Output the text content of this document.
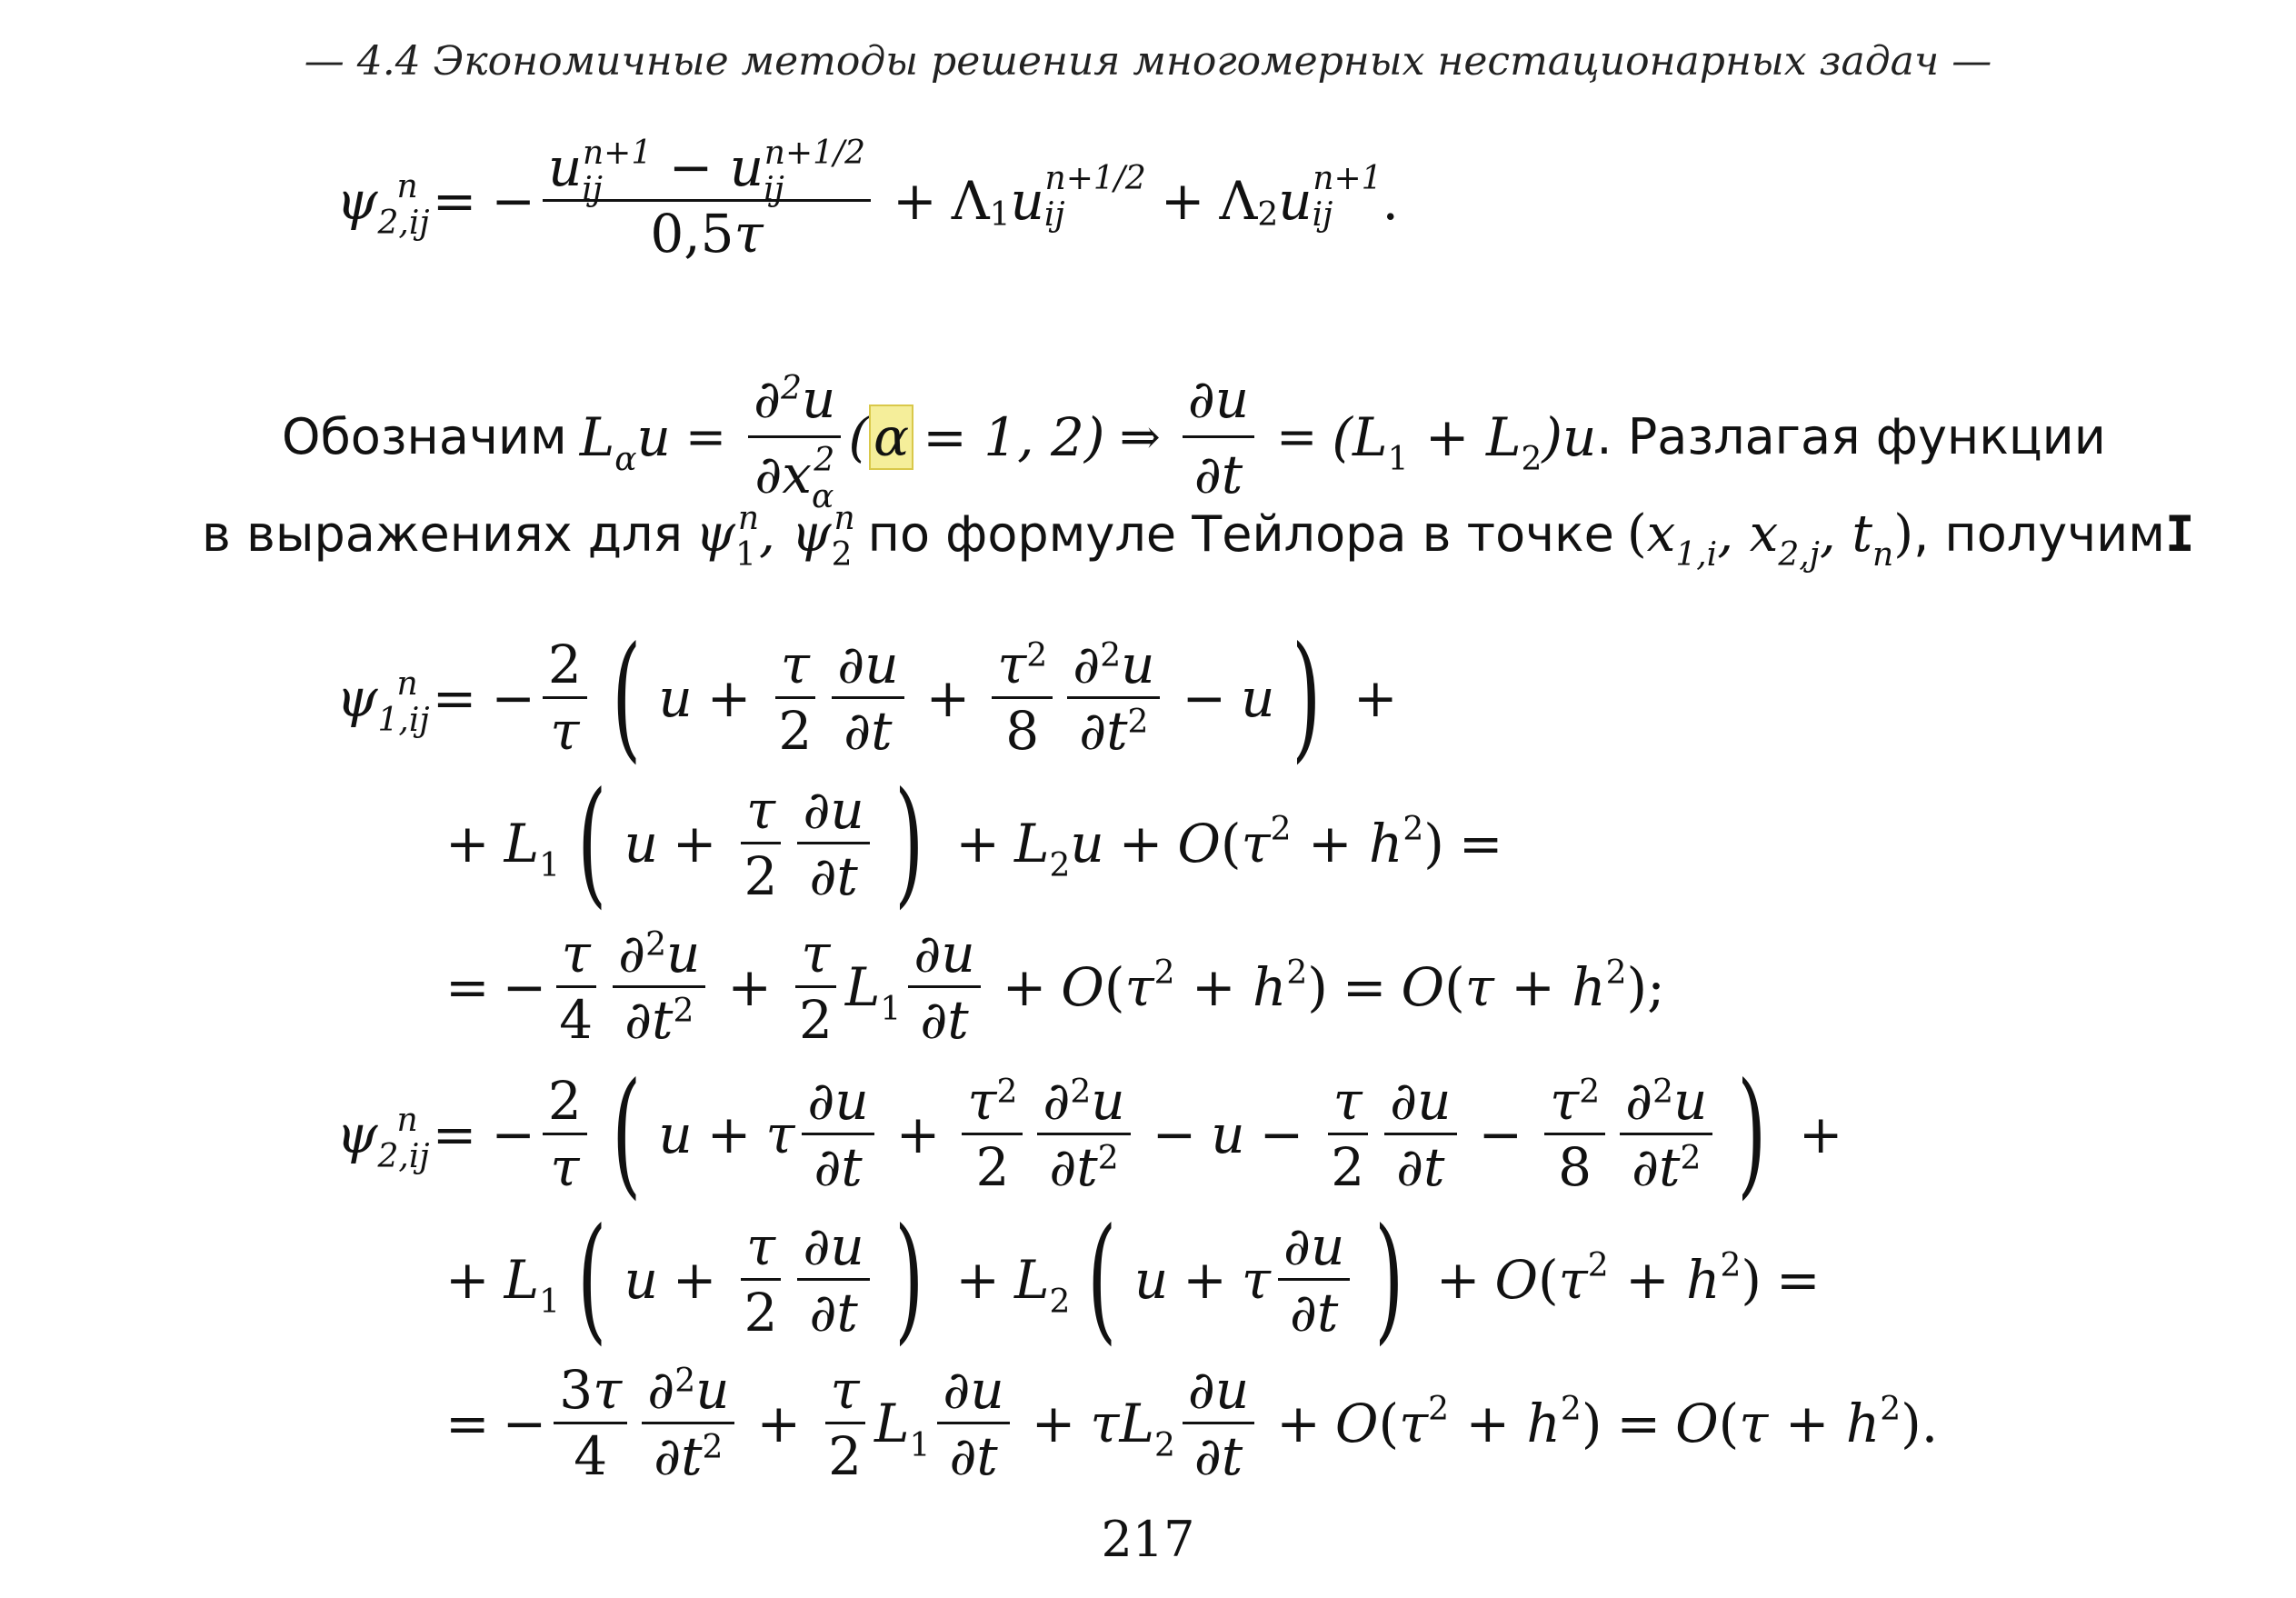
— 4.4 Экономичные методы решения многомерных нестационарных задач —
$\psi_{2,ij}^n$ = − $\frac{u_{ij}^{n+1} - u_{ij}^{n+1/2}}{0,5\tau} + \Lambda$ 1 u ij
n+1/2 + Λ 2 u ij
n+1 .
Обозначим $L_\alpha u = \frac{\partial^2u}{\partial x_\alpha^2}$ ( α = 1, 2) ⇒ $\frac{\partial u}{\partial t} = (L_1 + L_2)u$ . Разлагая функции
в выражениях для $\psi_1^n$, $\psi_2^n$ по формуле Тейлора в точке ($x_{1,i}$, $x_{2,j}$, $t_n$) , получим I
$\psi_{1,ij}^n$ = − $\frac{2}{\tau}$ ( $u + \frac{\tau}{2} \frac{\partial u}{\partial t} + \frac{\tau^2}{8} \frac{\partial^2u}{\partial t^2} - u$ ) +
+ $L_1$ ( $u + \frac{\tau}{2} \frac{\partial u}{\partial t}$ ) + $L_2u + O(\tau^2 + h^2)$ =
= − $\frac{\tau}{4} \frac{\partial^2u}{\partial t^2} + \frac{\tau}{2} L_1 \frac{\partial u}{\partial t} + O(\tau^2 + h^2) = O(\tau + h^2)$;
$\psi_{2,ij}^n$ = − $\frac{2}{\tau}$ ( u + τ $\frac{\partial u}{\partial t} + \frac{\tau^2}{2} \frac{\partial^2u}{\partial t^2} - u - \frac{\tau}{2} \frac{\partial u}{\partial t} - \frac{\tau^2}{8} \frac{\partial^2u}{\partial t^2}$ ) +
+ $L_1$ ( $u + \frac{\tau}{2} \frac{\partial u}{\partial t}$ ) + $L_2$ ( u + τ $\frac{\partial u}{\partial t}$ ) + $O(\tau^2 + h^2)$ =
= − $\frac{3\tau}{4} \frac{\partial^2u}{\partial t^2} + \frac{\tau}{2} L_1 \frac{\partial u}{\partial t} + \tau L_2 \frac{\partial u}{\partial t} + O(\tau^2 + h^2) = O(\tau + h^2)$.
217
